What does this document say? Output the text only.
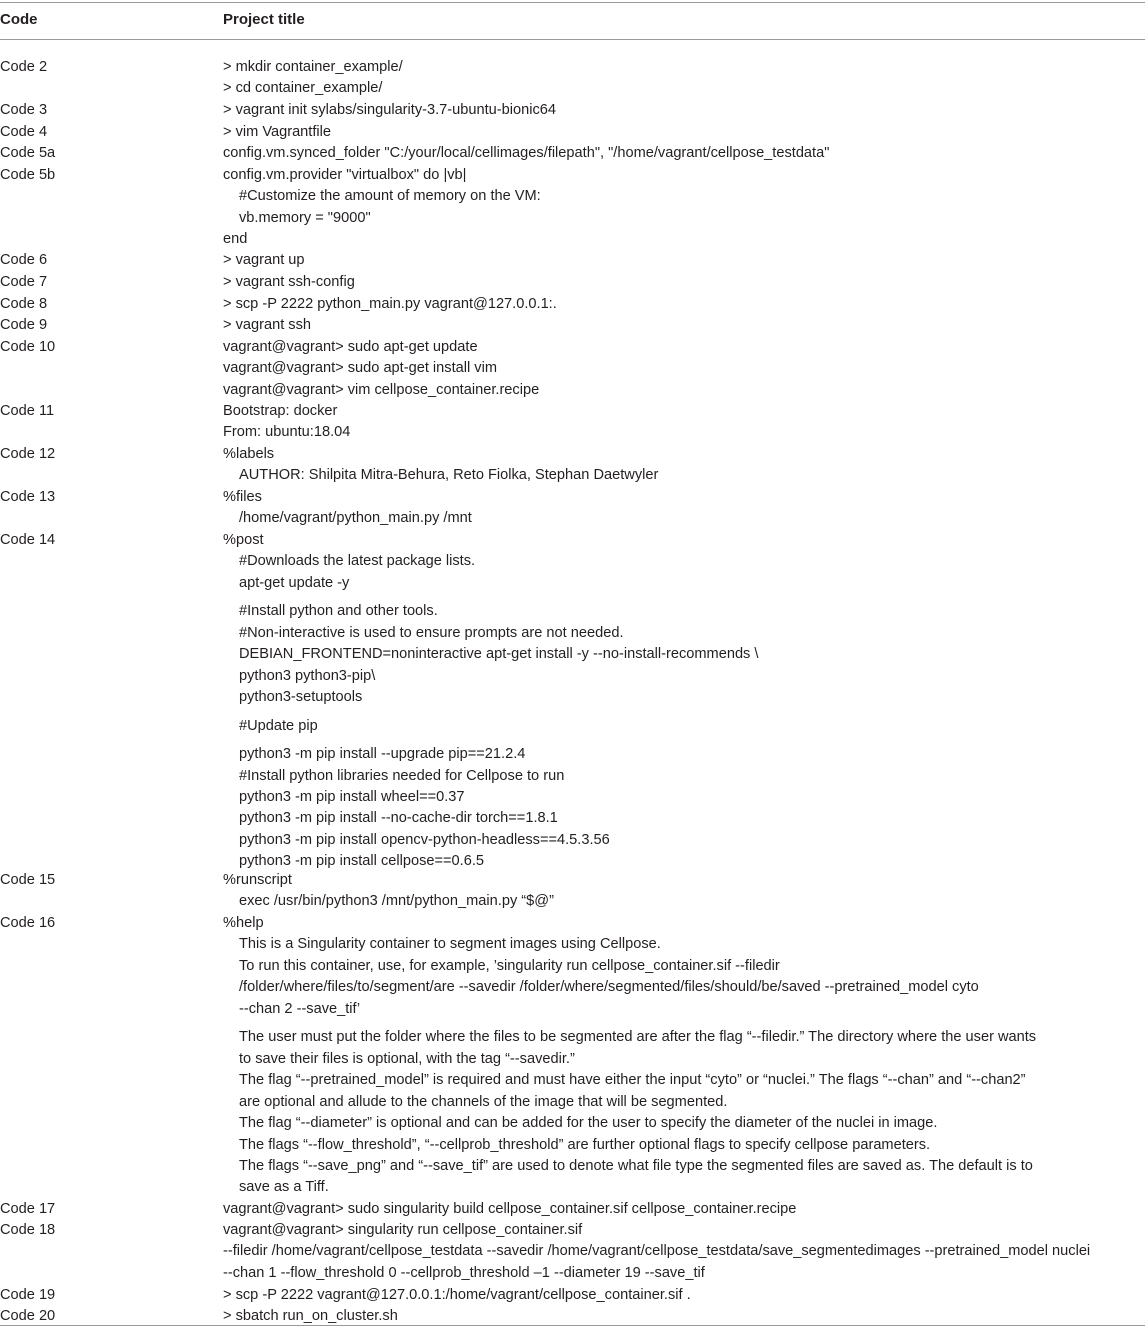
Code	Project title
Code 2	> mkdir container_example/
> cd container_example/
Code 3	> vagrant init sylabs/singularity-3.7-ubuntu-bionic64
Code 4	> vim Vagrantfile
Code 5a	config.vm.synced_folder "C:/your/local/cellimages/filepath", "/home/vagrant/cellpose_testdata"
Code 5b	config.vm.provider "virtualbox" do |vb|
#Customize the amount of memory on the VM:
vb.memory = "9000"
end
Code 6	> vagrant up
Code 7	> vagrant ssh-config
Code 8	> scp -P 2222 python_main.py vagrant@127.0.0.1:.
Code 9	> vagrant ssh
Code 10	vagrant@vagrant> sudo apt-get update
vagrant@vagrant> sudo apt-get install vim
vagrant@vagrant> vim cellpose_container.recipe
Code 11	Bootstrap: docker
From: ubuntu:18.04
Code 12	%labels
AUTHOR: Shilpita Mitra-Behura, Reto Fiolka, Stephan Daetwyler
Code 13	%files
/home/vagrant/python_main.py /mnt
Code 14	%post
#Downloads the latest package lists.
apt-get update -y
#Install python and other tools.
#Non-interactive is used to ensure prompts are not needed.
DEBIAN_FRONTEND=noninteractive apt-get install -y --no-install-recommends \
python3 python3-pip\
python3-setuptools
#Update pip
python3 -m pip install --upgrade pip==21.2.4
#Install python libraries needed for Cellpose to run
python3 -m pip install wheel==0.37
python3 -m pip install --no-cache-dir torch==1.8.1
python3 -m pip install opencv-python-headless==4.5.3.56
python3 -m pip install cellpose==0.6.5
Code 15	%runscript
exec /usr/bin/python3 /mnt/python_main.py “$@”
Code 16	%help
This is a Singularity container to segment images using Cellpose.
To run this container, use, for example, ’singularity run cellpose_container.sif --filedir
/folder/where/files/to/segment/are --savedir /folder/where/segmented/files/should/be/saved --pretrained_model cyto
--chan 2 --save_tif’
The user must put the folder where the files to be segmented are after the flag “--filedir.” The directory where the user wants
to save their files is optional, with the tag “--savedir.”
The flag “--pretrained_model” is required and must have either the input “cyto” or “nuclei.” The flags “--chan” and “--chan2”
are optional and allude to the channels of the image that will be segmented.
The flag “--diameter” is optional and can be added for the user to specify the diameter of the nuclei in image.
The flags “--flow_threshold”, “--cellprob_threshold” are further optional flags to specify cellpose parameters.
The flags “--save_png” and “--save_tif” are used to denote what file type the segmented files are saved as. The default is to
save as a Tiff.
Code 17	vagrant@vagrant> sudo singularity build cellpose_container.sif cellpose_container.recipe
Code 18	vagrant@vagrant> singularity run cellpose_container.sif
--filedir /home/vagrant/cellpose_testdata --savedir /home/vagrant/cellpose_testdata/save_segmentedimages --pretrained_model nuclei
--chan 1 --flow_threshold 0 --cellprob_threshold –1 --diameter 19 --save_tif
Code 19	> scp -P 2222 vagrant@127.0.0.1:/home/vagrant/cellpose_container.sif .
Code 20	> sbatch run_on_cluster.sh
